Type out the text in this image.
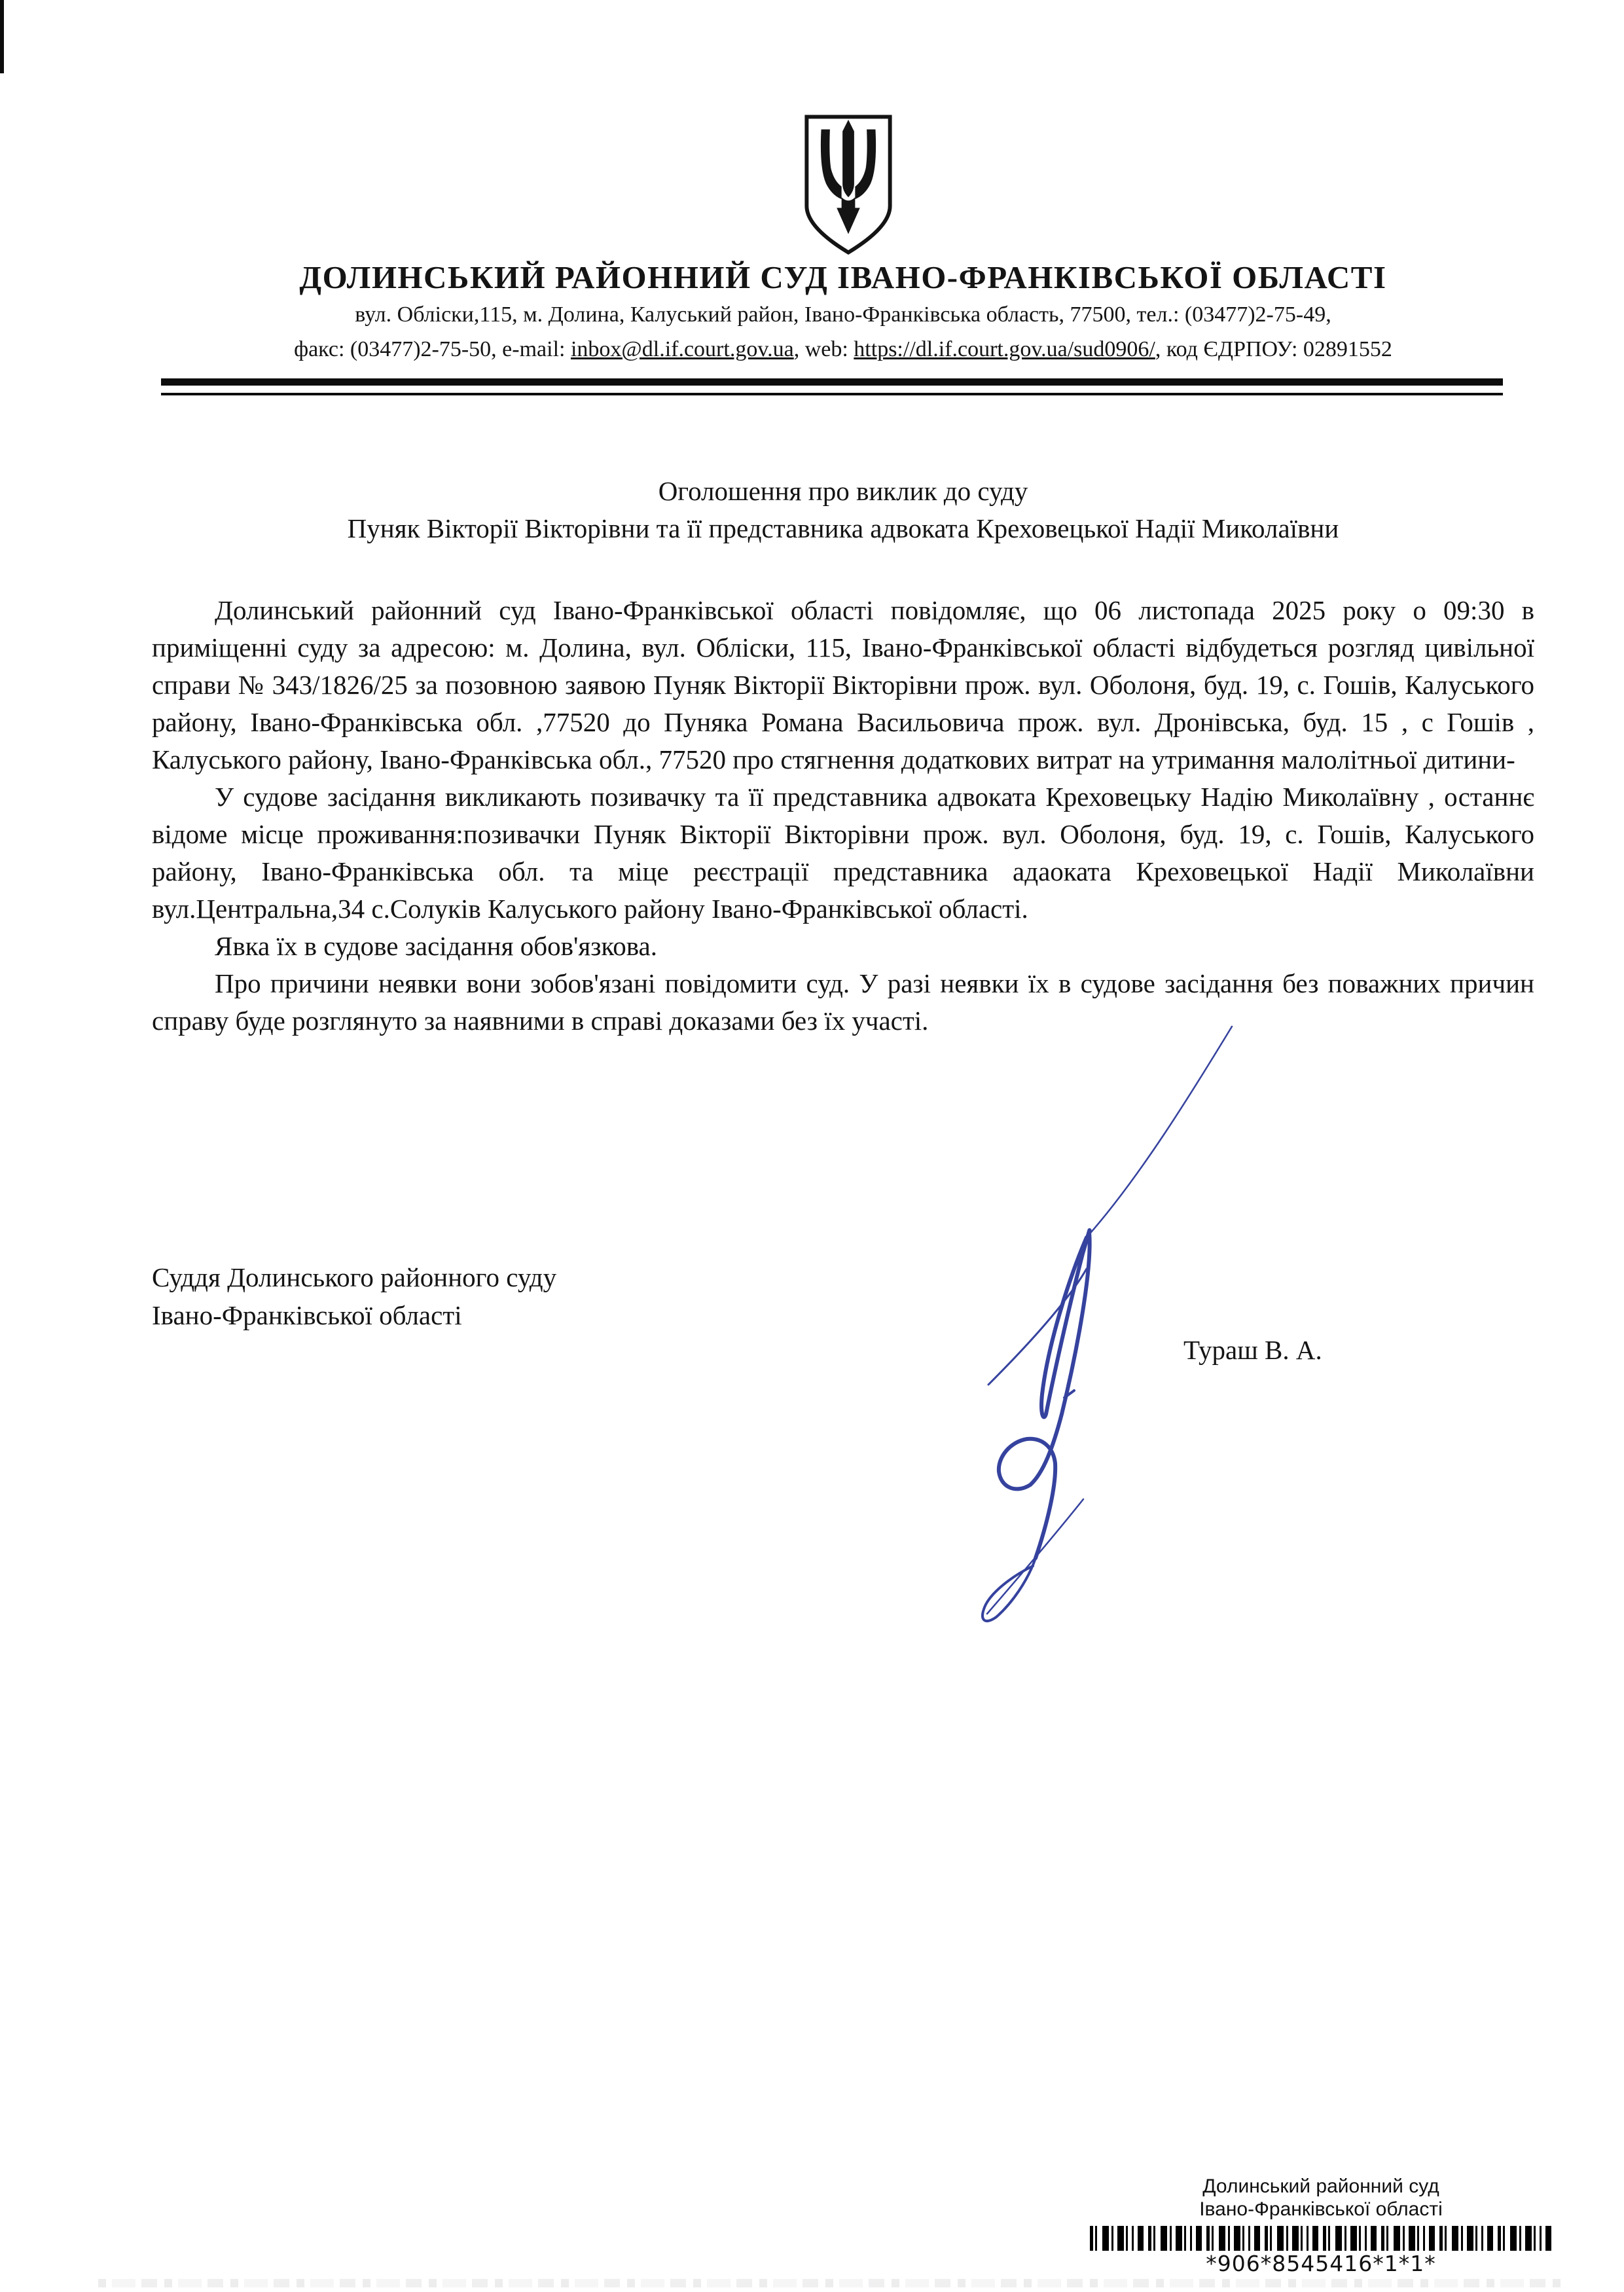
ДОЛИНСЬКИЙ РАЙОННИЙ СУД ІВАНО-ФРАНКІВСЬКОЇ ОБЛАСТІ
вул. Обліски,115, м. Долина, Калуський район, Івано-Франківська область, 77500, тел.: (03477)2-75-49,
факс: (03477)2-75-50, e-mail: inbox@dl.if.court.gov.ua, web: https://dl.if.court.gov.ua/sud0906/, код ЄДРПОУ: 02891552
Оголошення про виклик до суду
Пуняк Вікторії Вікторівни та її представника адвоката Креховецької Надії Миколаївни

Долинський районний суд Івано-Франківської області повідомляє, що 06 листопада 2025 року о 09:30 в приміщенні суду за адресою: м. Долина, вул. Обліски, 115, Івано-Франківської області відбудеться розгляд цивільної справи № 343/1826/25 за позовною заявою Пуняк Вікторії Вікторівни прож. вул. Оболоня, буд. 19, с. Гошів, Калуського району, Івано-Франківська обл. ,77520 до Пуняка Романа Васильовича прож. вул. Дронівська, буд. 15 , с Гошів , Калуського району, Івано-Франківська обл., 77520 про стягнення додаткових витрат на утримання малолітньої дитини-

У судове засідання викликають позивачку та її представника адвоката Креховецьку Надію Миколаївну , останнє відоме місце проживання:позивачки Пуняк Вікторії Вікторівни прож. вул. Оболоня, буд. 19, с. Гошів, Калуського району, Івано-Франківська обл. та міце реєстрації представника адаоката Креховецької Надії Миколаївни вул.Центральна,34 с.Солуків Калуського району Івано-Франківської області.

Явка їх в судове засідання обов'язкова.

Про причини неявки вони зобов'язані повідомити суд. У разі неявки їх в судове засідання без поважних причин справу буде розглянуто за наявними в справі доказами без їх участі.

Суддя Долинського районного суду
Івано-Франківської області
Тураш В. А.
Долинський районний суд
Івано-Франківської області
*906*8545416*1*1*
